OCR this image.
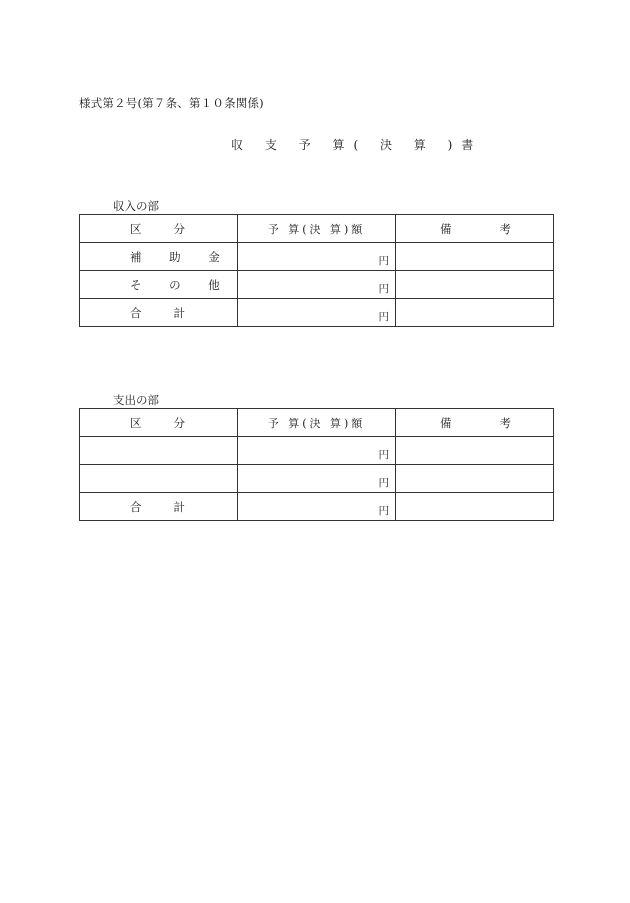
様式第２号(第７条、第１０条関係)
収 支 予 算( 決 算 )書
収入の部
区 分	予 算(決 算)額	備 考

補 助 金	円	
そ の 他	円	

合 計	円	
支出の部
区 分	予 算(決 算)額	備 考

	円	
	円	

合 計	円	
